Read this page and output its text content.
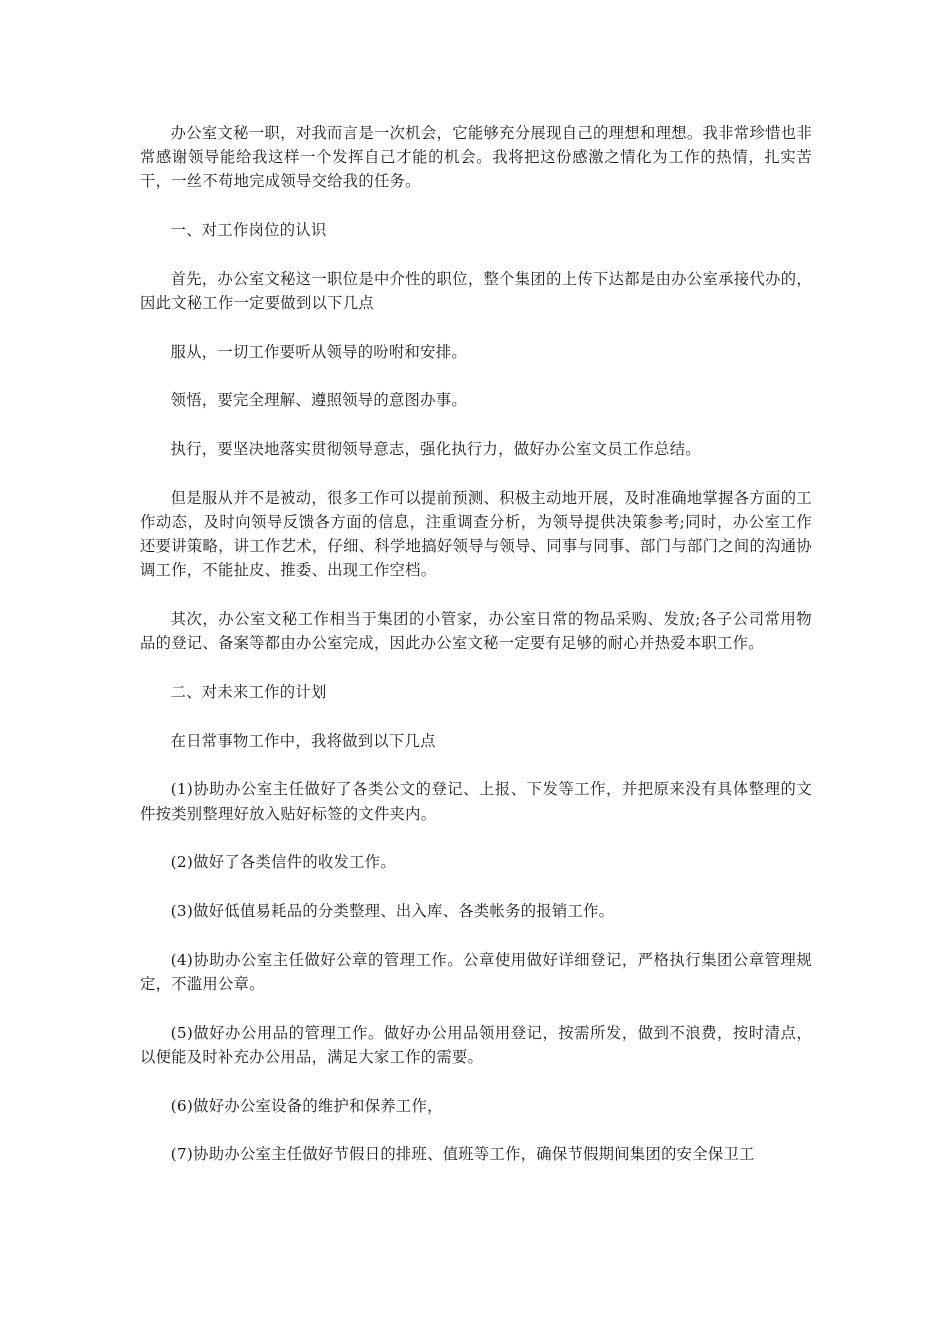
办公室文秘一职，对我而言是一次机会，它能够充分展现自己的理想和理想。我非常珍惜也非常感谢领导能给我这样一个发挥自己才能的机会。我将把这份感激之情化为工作的热情，扎实苦干，一丝不苟地完成领导交给我的任务。

一、对工作岗位的认识

首先，办公室文秘这一职位是中介性的职位，整个集团的上传下达都是由办公室承接代办的，因此文秘工作一定要做到以下几点

服从，一切工作要听从领导的吩咐和安排。

领悟，要完全理解、遵照领导的意图办事。

执行，要坚决地落实贯彻领导意志，强化执行力，做好办公室文员工作总结。

但是服从并不是被动，很多工作可以提前预测、积极主动地开展，及时准确地掌握各方面的工作动态，及时向领导反馈各方面的信息，注重调查分析，为领导提供决策参考;同时，办公室工作还要讲策略，讲工作艺术，仔细、科学地搞好领导与领导、同事与同事、部门与部门之间的沟通协调工作，不能扯皮、推委、出现工作空档。

其次，办公室文秘工作相当于集团的小管家，办公室日常的物品采购、发放;各子公司常用物品的登记、备案等都由办公室完成，因此办公室文秘一定要有足够的耐心并热爱本职工作。

二、对未来工作的计划

在日常事物工作中，我将做到以下几点

(1)协助办公室主任做好了各类公文的登记、上报、下发等工作，并把原来没有具体整理的文件按类别整理好放入贴好标签的文件夹内。

(2)做好了各类信件的收发工作。

(3)做好低值易耗品的分类整理、出入库、各类帐务的报销工作。

(4)协助办公室主任做好公章的管理工作。公章使用做好详细登记，严格执行集团公章管理规定，不滥用公章。

(5)做好办公用品的管理工作。做好办公用品领用登记，按需所发，做到不浪费，按时清点，以便能及时补充办公用品，满足大家工作的需要。

(6)做好办公室设备的维护和保养工作，

(7)协助办公室主任做好节假日的排班、值班等工作，确保节假期间集团的安全保卫工
